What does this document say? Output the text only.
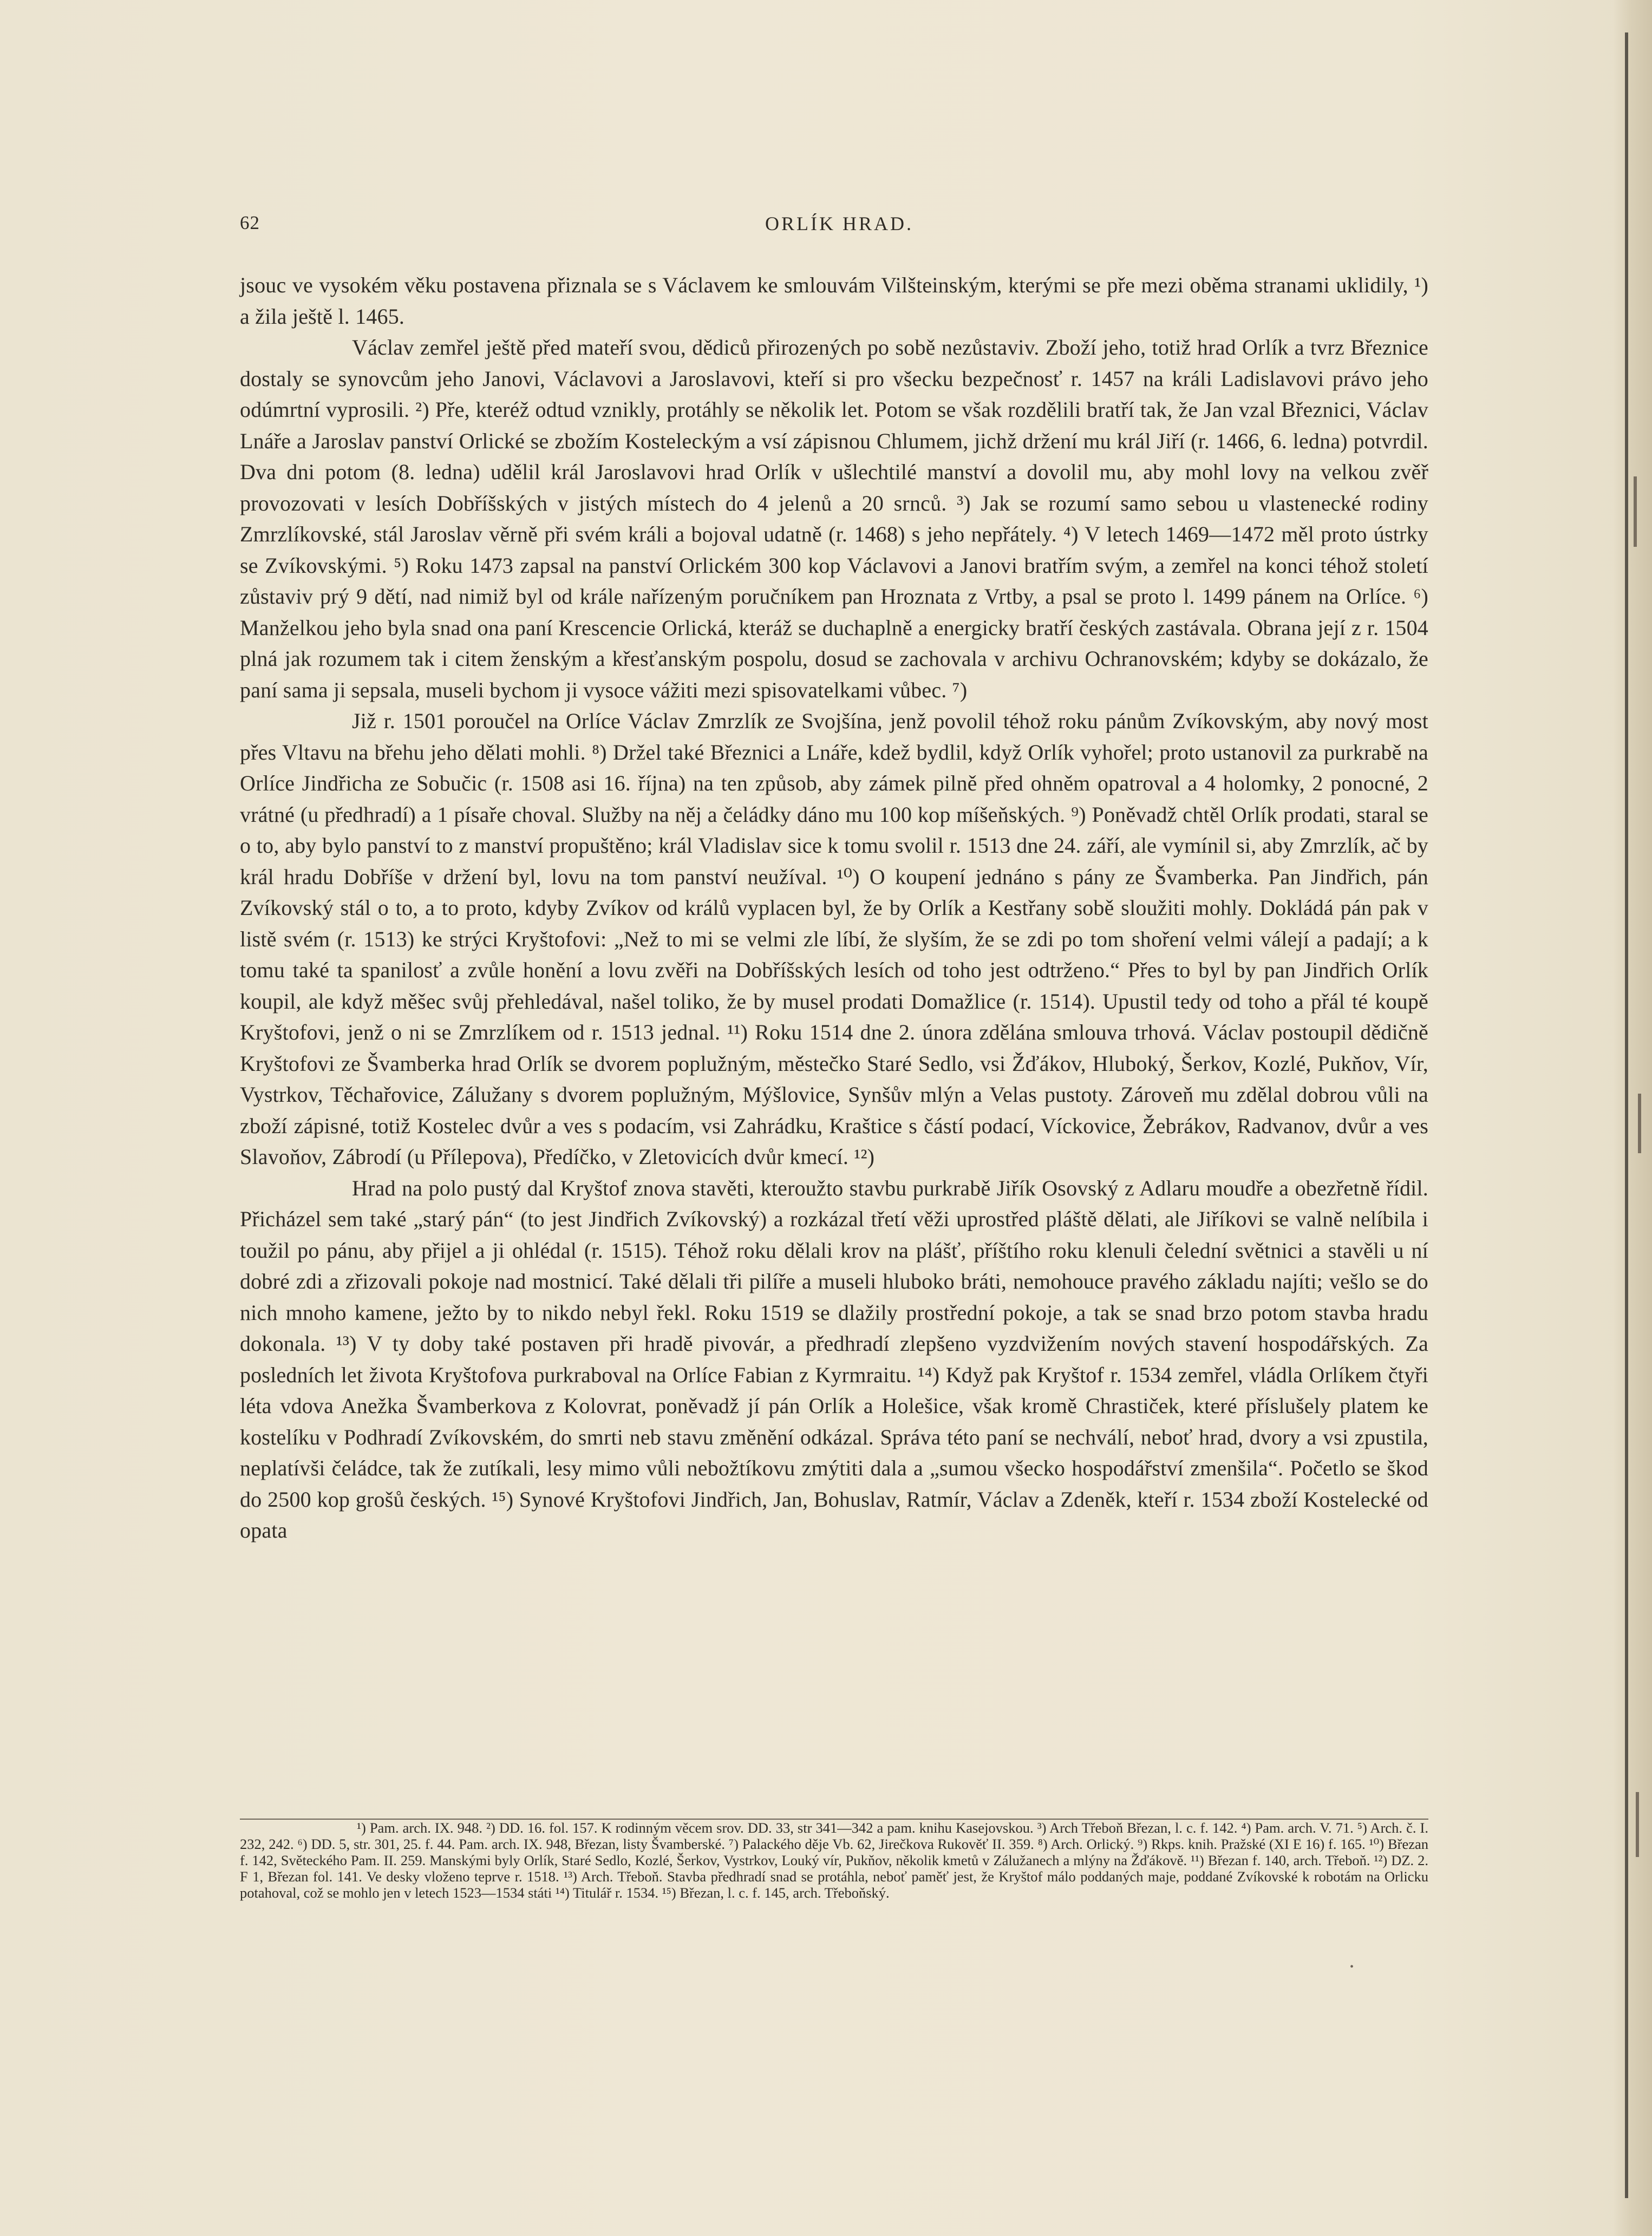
62	ORLÍK HRAD.

jsouc ve vysokém věku postavena přiznala se s Václavem ke smlouvám Vilšteinským, kterými se pře mezi oběma stranami uklidily, ¹) a žila ještě l. 1465.

Václav zemřel ještě před mateří svou, dědiců přirozených po sobě nezůstaviv. Zboží jeho, totiž hrad Orlík a tvrz Březnice dostaly se synovcům jeho Janovi, Václavovi a Jaroslavovi, kteří si pro všecku bezpečnosť r. 1457 na králi Ladislavovi právo jeho odúmrtní vyprosili. ²) Pře, kteréž odtud vznikly, protáhly se několik let. Potom se však rozdělili bratří tak, že Jan vzal Březnici, Václav Lnáře a Jaroslav panství Orlické se zbožím Kosteleckým a vsí zápisnou Chlumem, jichž držení mu král Jiří (r. 1466, 6. ledna) potvrdil. Dva dni potom (8. ledna) udělil král Jaroslavovi hrad Orlík v ušlechtilé manství a dovolil mu, aby mohl lovy na velkou zvěř provozovati v lesích Dobříšských v jistých místech do 4 jelenů a 20 srnců. ³) Jak se rozumí samo sebou u vlastenecké rodiny Zmrzlíkovské, stál Jaroslav věrně při svém králi a bojoval udatně (r. 1468) s jeho nepřátely. ⁴) V letech 1469—1472 měl proto ústrky se Zvíkovskými. ⁵) Roku 1473 zapsal na panství Orlickém 300 kop Václavovi a Janovi bratřím svým, a zemřel na konci téhož století zůstaviv prý 9 dětí, nad nimiž byl od krále nařízeným poručníkem pan Hroznata z Vrtby, a psal se proto l. 1499 pánem na Orlíce. ⁶) Manželkou jeho byla snad ona paní Krescencie Orlická, kteráž se duchaplně a energicky bratří českých zastávala. Obrana její z r. 1504 plná jak rozumem tak i citem ženským a křesťanským pospolu, dosud se zachovala v archivu Ochranovském; kdyby se dokázalo, že paní sama ji sepsala, museli bychom ji vysoce vážiti mezi spisovatelkami vůbec. ⁷)

Již r. 1501 poroučel na Orlíce Václav Zmrzlík ze Svojšína, jenž povolil téhož roku pánům Zvíkovským, aby nový most přes Vltavu na břehu jeho dělati mohli. ⁸) Držel také Březnici a Lnáře, kdež bydlil, když Orlík vyhořel; proto ustanovil za purkrabě na Orlíce Jindřicha ze Sobučic (r. 1508 asi 16. října) na ten způsob, aby zámek pilně před ohněm opatroval a 4 holomky, 2 ponocné, 2 vrátné (u předhradí) a 1 písaře choval. Služby na něj a čeládky dáno mu 100 kop míšeňských. ⁹) Poněvadž chtěl Orlík prodati, staral se o to, aby bylo panství to z manství propuštěno; král Vladislav sice k tomu svolil r. 1513 dne 24. září, ale vymínil si, aby Zmrzlík, ač by král hradu Dobříše v držení byl, lovu na tom panství neužíval. ¹⁰) O koupení jednáno s pány ze Švamberka. Pan Jindřich, pán Zvíkovský stál o to, a to proto, kdyby Zvíkov od králů vyplacen byl, že by Orlík a Kestřany sobě sloužiti mohly. Dokládá pán pak v listě svém (r. 1513) ke strýci Kryštofovi: „Než to mi se velmi zle líbí, že slyším, že se zdi po tom shoření velmi válejí a padají; a k tomu také ta spanilosť a zvůle honění a lovu zvěři na Dobříšských lesích od toho jest odtrženo.“ Přes to byl by pan Jindřich Orlík koupil, ale když měšec svůj přehledával, našel toliko, že by musel prodati Domažlice (r. 1514). Upustil tedy od toho a přál té koupě Kryštofovi, jenž o ni se Zmrzlíkem od r. 1513 jednal. ¹¹) Roku 1514 dne 2. února zdělána smlouva trhová. Václav postoupil dědičně Kryštofovi ze Švamberka hrad Orlík se dvorem poplužným, městečko Staré Sedlo, vsi Žďákov, Hluboký, Šerkov, Kozlé, Pukňov, Vír, Vystrkov, Těchařovice, Zálužany s dvorem poplužným, Mýšlovice, Synšův mlýn a Velas pustoty. Zároveň mu zdělal dobrou vůli na zboží zápisné, totiž Kostelec dvůr a ves s podacím, vsi Zahrádku, Kraštice s částí podací, Víckovice, Žebrákov, Radvanov, dvůr a ves Slavoňov, Zábrodí (u Přílepova), Předíčko, v Zletovicích dvůr kmecí. ¹²)

Hrad na polo pustý dal Kryštof znova stavěti, kteroužto stavbu purkrabě Jiřík Osovský z Adlaru moudře a obezřetně řídil. Přicházel sem také „starý pán“ (to jest Jindřich Zvíkovský) a rozkázal třetí věži uprostřed pláště dělati, ale Jiříkovi se valně nelíbila i toužil po pánu, aby přijel a ji ohlédal (r. 1515). Téhož roku dělali krov na plášť, příštího roku klenuli čelední světnici a stavěli u ní dobré zdi a zřizovali pokoje nad mostnicí. Také dělali tři pilíře a museli hluboko bráti, nemohouce pravého základu najíti; vešlo se do nich mnoho kamene, ježto by to nikdo nebyl řekl. Roku 1519 se dlažily prostřední pokoje, a tak se snad brzo potom stavba hradu dokonala. ¹³) V ty doby také postaven při hradě pivovár, a předhradí zlepšeno vyzdvižením nových stavení hospodářských. Za posledních let života Kryštofova purkraboval na Orlíce Fabian z Kyrmraitu. ¹⁴) Když pak Kryštof r. 1534 zemřel, vládla Orlíkem čtyři léta vdova Anežka Švamberkova z Kolovrat, poněvadž jí pán Orlík a Holešice, však kromě Chrastiček, které příslušely platem ke kostelíku v Podhradí Zvíkovském, do smrti neb stavu změnění odkázal. Správa této paní se nechválí, neboť hrad, dvory a vsi zpustila, neplatívši čeládce, tak že zutíkali, lesy mimo vůli nebožtíkovu zmýtiti dala a „sumou všecko hospodářství zmenšila“. Početlo se škod do 2500 kop grošů českých. ¹⁵) Synové Kryštofovi Jindřich, Jan, Bohuslav, Ratmír, Václav a Zdeněk, kteří r. 1534 zboží Kostelecké od opata

¹) Pam. arch. IX. 948. ²) DD. 16. fol. 157. K rodinným věcem srov. DD. 33, str 341—342 a pam. knihu Kasejovskou. ³) Arch Třeboň Březan, l. c. f. 142. ⁴) Pam. arch. V. 71. ⁵) Arch. č. I. 232, 242. ⁶) DD. 5, str. 301, 25. f. 44. Pam. arch. IX. 948, Březan, listy Švamberské. ⁷) Palackého děje Vb. 62, Jirečkova Rukověť II. 359. ⁸) Arch. Orlický. ⁹) Rkps. knih. Pražské (XI E 16) f. 165. ¹⁰) Březan f. 142, Světeckého Pam. II. 259. Manskými byly Orlík, Staré Sedlo, Kozlé, Šerkov, Vystrkov, Louký vír, Pukňov, několik kmetů v Zálužanech a mlýny na Žďákově. ¹¹) Březan f. 140, arch. Třeboň. ¹²) DZ. 2. F 1, Březan fol. 141. Ve desky vloženo teprve r. 1518. ¹³) Arch. Třeboň. Stavba předhradí snad se protáhla, neboť paměť jest, že Kryštof málo poddaných maje, poddané Zvíkovské k robotám na Orlicku potahoval, což se mohlo jen v letech 1523—1534 státi ¹⁴) Titulář r. 1534. ¹⁵) Březan, l. c. f. 145, arch. Třeboňský.

•
